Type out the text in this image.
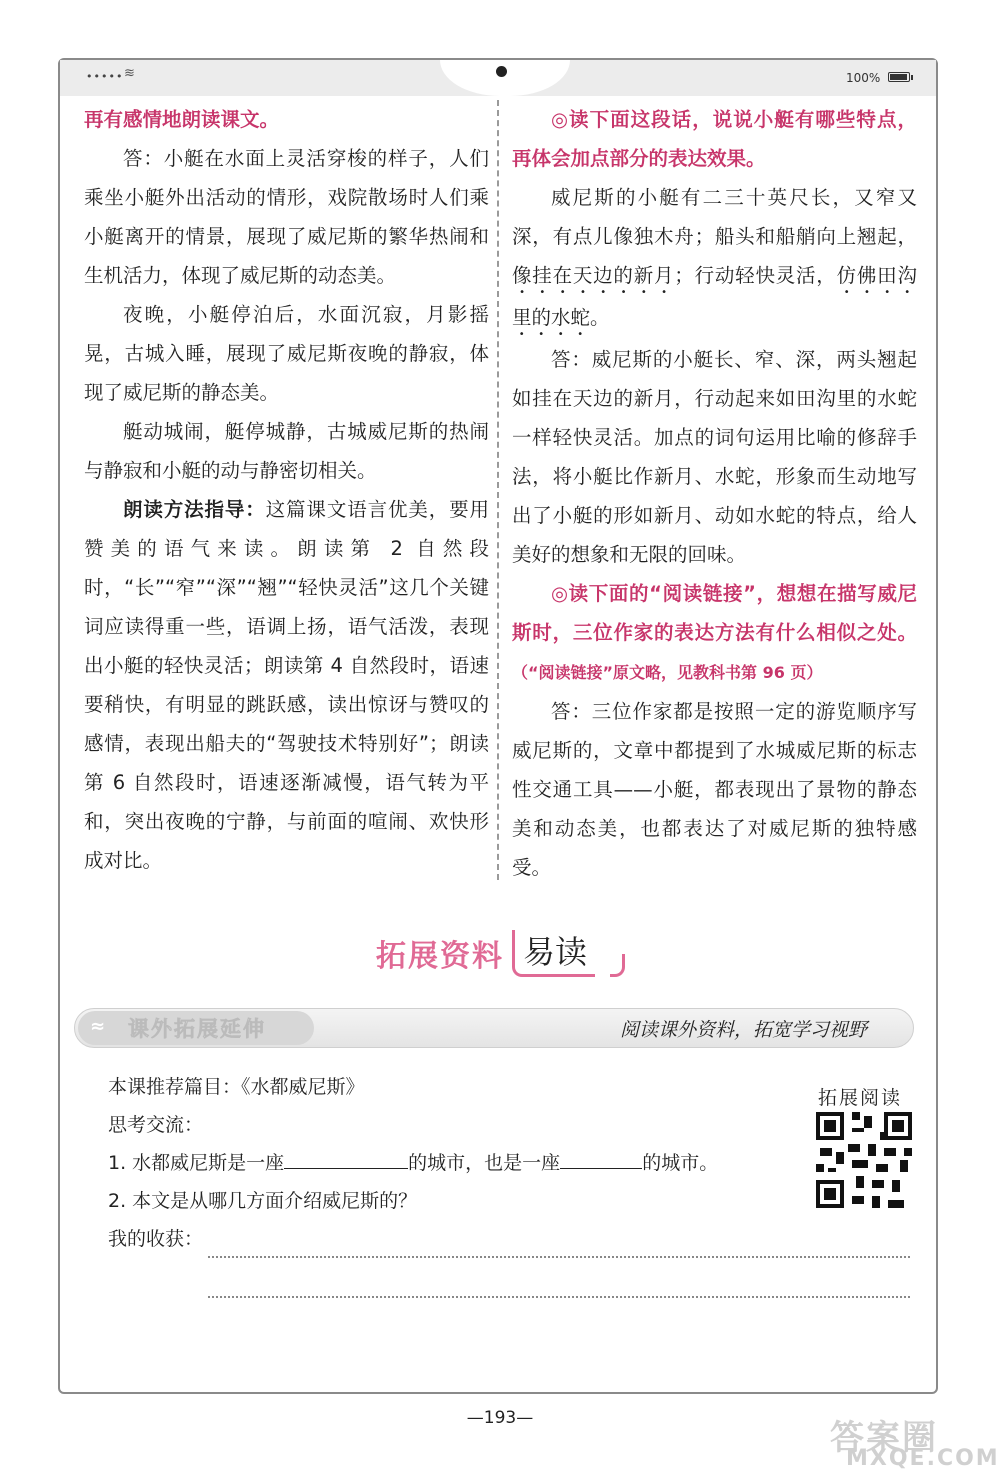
••••• ≋	100%

再有感情地朗读课文。

答：小艇在水面上灵活穿梭的样子，人们乘坐小艇外出活动的情形，戏院散场时人们乘小艇离开的情景，展现了威尼斯的繁华热闹和生机活力，体现了威尼斯的动态美。

夜晚，小艇停泊后，水面沉寂，月影摇晃，古城入睡，展现了威尼斯夜晚的静寂，体现了威尼斯的静态美。

艇动城闹，艇停城静，古城威尼斯的热闹与静寂和小艇的动与静密切相关。

朗读方法指导：这篇课文语言优美，要用赞美的语气来读。朗读第 2 自然段时，“长”“窄”“深”“翘”“轻快灵活”这几个关键词应读得重一些，语调上扬，语气活泼，表现出小艇的轻快灵活；朗读第 4 自然段时，语速要稍快，有明显的跳跃感，读出惊讶与赞叹的感情，表现出船夫的“驾驶技术特别好”；朗读第 6 自然段时，语速逐渐减慢，语气转为平和，突出夜晚的宁静，与前面的喧闹、欢快形成对比。

◎读下面这段话，说说小艇有哪些特点，再体会加点部分的表达效果。

威尼斯的小艇有二三十英尺长，又窄又深，有点儿像独木舟；船头和船艄向上翘起，像挂在天边的新月；行动轻快灵活，仿佛田沟里的水蛇。

答：威尼斯的小艇长、窄、深，两头翘起如挂在天边的新月，行动起来如田沟里的水蛇一样轻快灵活。加点的词句运用比喻的修辞手法，将小艇比作新月、水蛇，形象而生动地写出了小艇的形如新月、动如水蛇的特点，给人美好的想象和无限的回味。

◎读下面的“阅读链接”，想想在描写威尼斯时，三位作家的表达方法有什么相似之处。（“阅读链接”原文略，见教科书第 96 页）

答：三位作家都是按照一定的游览顺序写威尼斯的，文章中都提到了水城威尼斯的标志性交通工具——小艇，都表现出了景物的静态美和动态美，也都表达了对威尼斯的独特感受。

拓展资料 易读
课外拓展延伸
≈	阅读课外资料，拓宽学习视野

本课推荐篇目：《水都威尼斯》

思考交流：

1. 水都威尼斯是一座	的城市，也是一座	的城市。

2. 本文是从哪几方面介绍威尼斯的？

我的收获：

拓展阅读
—193—	答案圈
MXQE.COM
